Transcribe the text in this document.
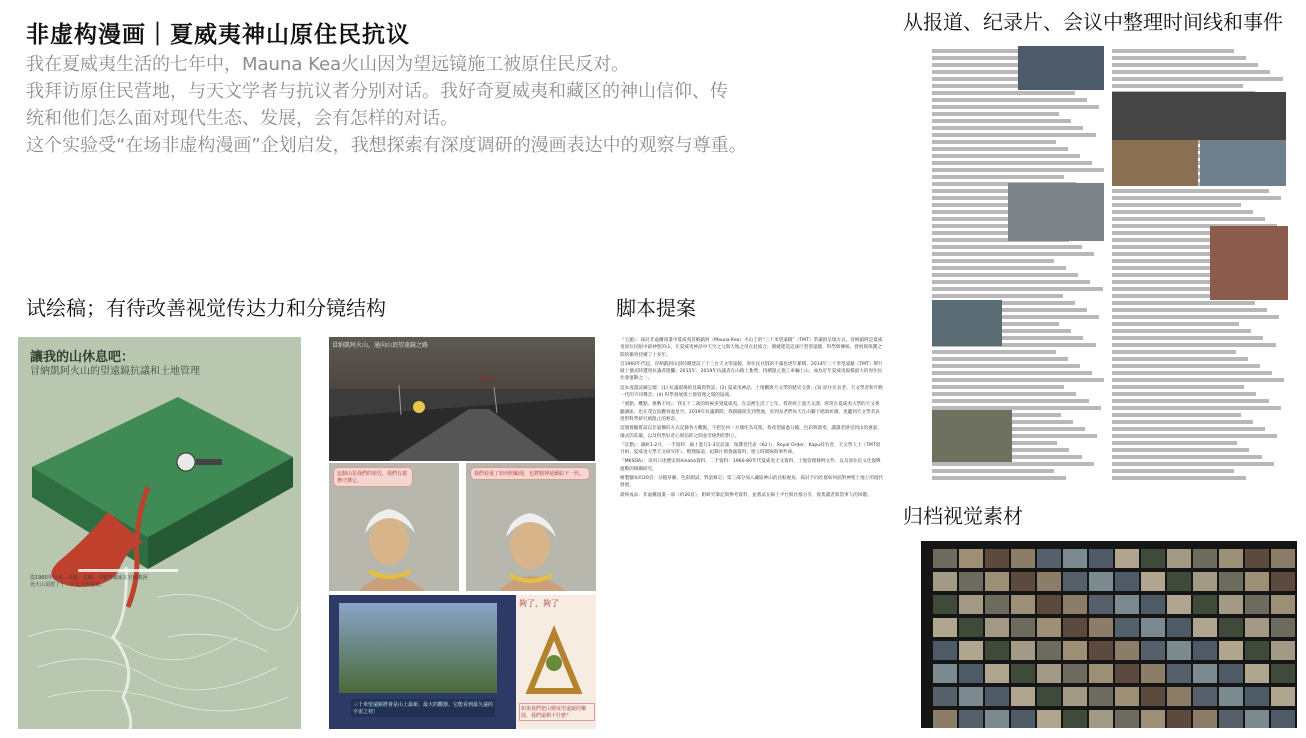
非虚构漫画｜夏威夷神山原住民抗议

我在夏威夷生活的七年中，Mauna Kea火山因为望远镜施工被原住民反对。

我拜访原住民营地，与天文学者与抗议者分别对话。我好奇夏威夷和藏区的神山信仰、传

统和他们怎么面对现代生态、发展，会有怎样的对话。

这个实验受“在场非虚构漫画”企划启发，我想探索有深度调研的漫画表达中的观察与尊重。

试绘稿；有待改善视觉传达力和分镜结构	脚本提案
从报道、纪录片、会议中整理时间线和事件
归档视觉素材
讓我的山休息吧：
冒納凱阿火山的望遠鏡抗議和土地管理
從1960年以來，美國、法國、中國等國家在冒納凱阿死火山頂建了十三台天文望遠鏡。
冒納凱阿火山，通向山頂望遠鏡之路
Kapu
這個山是我們的祖先，我們有義務守護它。
我們看重了如何照顧他，也將精神延續給下一代。
三十米望遠鏡將會是山上最新、最大的觀器。它能看到最久遠的宇宙之初！
夠了，夠了
如果我們把山變成望遠鏡的樂園，我們還剩下什麼？

『主題』：探討非虛構漫畫中夏威夷冒納凱阿（Mauna Kea）火山上的“三十米望遠鏡”（TMT）爭議的呈現方式。冒納凱阿是夏威夷原住民眼中最神聖的山，在夏威夷神話中天空之父與大地之母在此結合。圍繞建造這座巨型望遠鏡，科學與傳統、發展與保護之間的衝突持續了十多年。

自1960年代起，冒納凱阿山頂陸續建設了十三台天文望遠鏡，原住民社群的不滿也逐年累積。2014年三十米望遠鏡（TMT）舉行破土儀式時遭到抗議者阻攔；2015年、2019年抗議者在山路上紮營，持續阻止施工車輛上山，成為近年夏威夷規模最大的原住民社會運動之一。

這本漫畫試圖呈現：(1) 抗議現場的見聞與對話；(2) 夏威夷神話、土地觀與天文學的歷史交會；(3) 原住民長老、天文學者和年輕一代的不同聲音；(4) 科學發展與土地管理之間的協商。

『重點、難點、挑戰不同』：我在十二歲的時候來到夏威夷，在這裡生活了七年。我曾經上過天文課，經常在夏威夷大學的天文系聽講座，也在茂宜島觀看過星空。2019年抗議期間，我跟隨朋友到營地，看到長老們每天在山腳下唱頌祈禱，也聽到天文學者表達對科學研究被阻止的無奈。

這個實驗嘗試以非虛構的方式記錄各方觀點，不把任何一方簡化為反派。我希望通過分鏡、色彩與節奏，讓讀者感受到山的重量、儀式的莊嚴，以及科學好奇心與信仰之間並非絕對的對立。

『計劃』：調研1-2月，一手資料：線上進行1-3次訪談：保護者代表（Kūʻi）、Royal Order、Kapu持有者、天文學人士（TMT項目組、夏威夷大學天文研究所）。整理報道、紀錄片與會議資料，建立時間線與事件庫。

『MKSOA』：采用口述歷史與Ainaho資料，二手資料：1960-80年代夏威夷天文資料、土地管理條例文件、以及原住民文化復興運動的相關研究。

繪製腳本約20頁：分鏡草圖、色彩測試、對話修訂；第三部分加入藏區神山的比較視角，探討不同社群如何面對神聖土地上的現代發展。

最終成品：非虛構漫畫一部（約20頁），附研究筆記與參考資料，並嘗試在線上平台與社群分享，收集讀者與當事人的回饋。
